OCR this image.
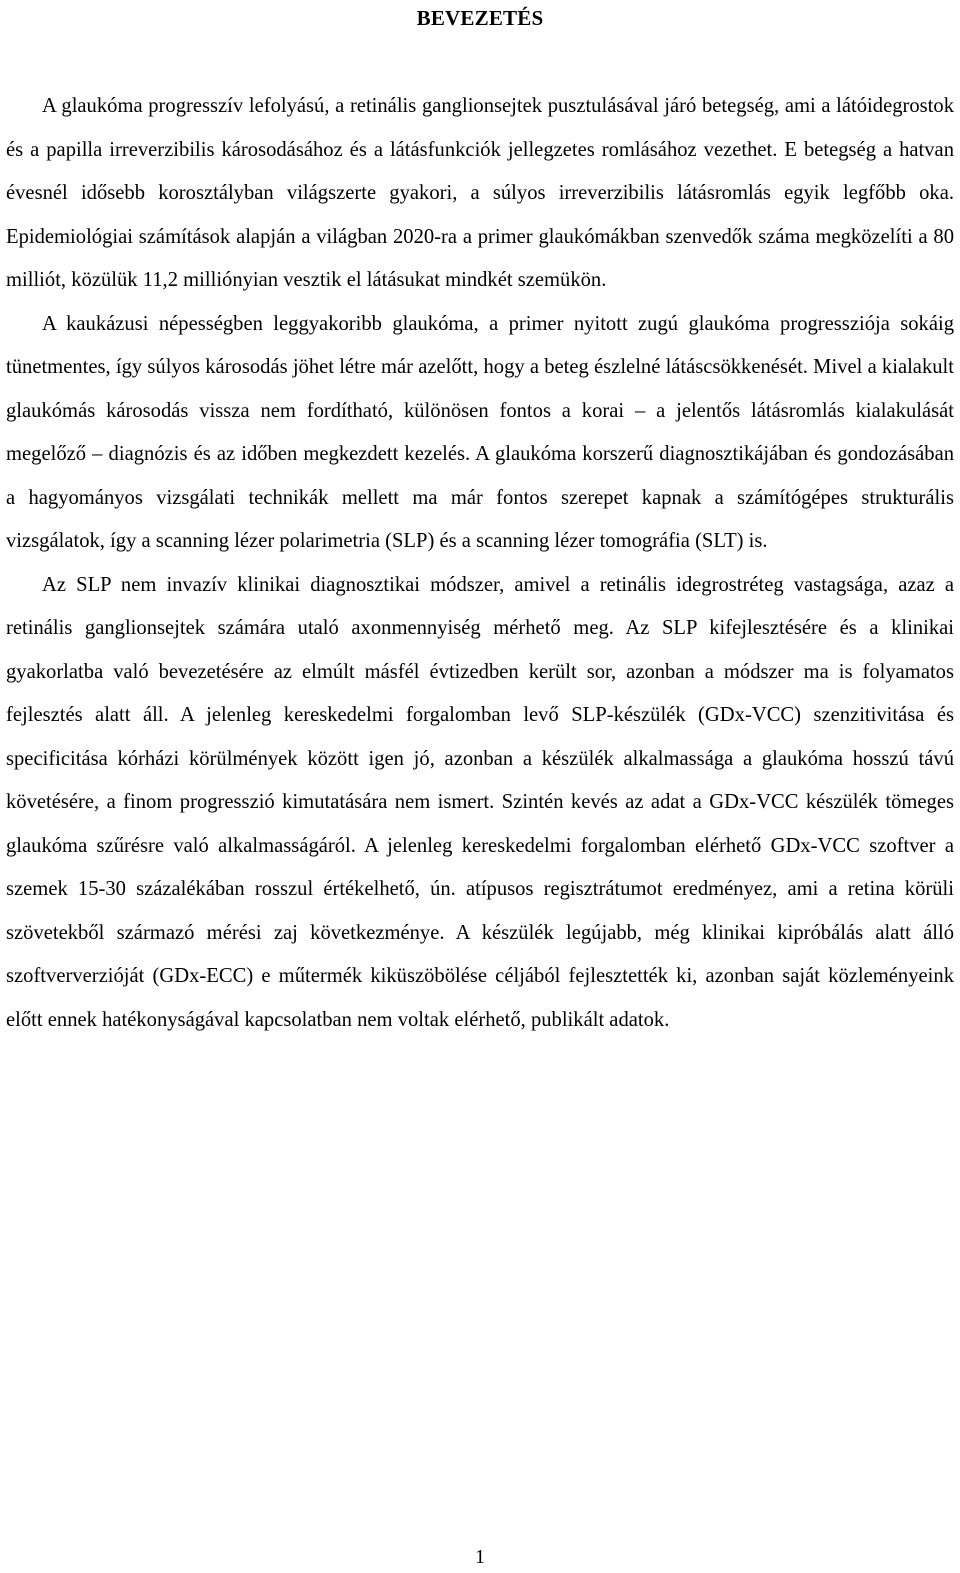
BEVEZETÉS

A glaukóma progresszív lefolyású, a retinális ganglionsejtek pusztulásával járó betegség, ami a látóidegrostok és a papilla irreverzibilis károsodásához és a látásfunkciók jellegzetes romlásához vezethet. E betegség a hatvan évesnél idősebb korosztályban világszerte gyakori, a súlyos irreverzibilis látásromlás egyik legfőbb oka. Epidemiológiai számítások alapján a világban 2020-ra a primer glaukómákban szenvedők száma megközelíti a 80 milliót, közülük 11,2 milliónyian vesztik el látásukat mindkét szemükön.

A kaukázusi népességben leggyakoribb glaukóma, a primer nyitott zugú glaukóma progressziója sokáig tünetmentes, így súlyos károsodás jöhet létre már azelőtt, hogy a beteg észlelné látáscsökkenését. Mivel a kialakult glaukómás károsodás vissza nem fordítható, különösen fontos a korai – a jelentős látásromlás kialakulását megelőző – diagnózis és az időben megkezdett kezelés. A glaukóma korszerű diagnosztikájában és gondozásában a hagyományos vizsgálati technikák mellett ma már fontos szerepet kapnak a számítógépes strukturális vizsgálatok, így a scanning lézer polarimetria (SLP) és a scanning lézer tomográfia (SLT) is.

Az SLP nem invazív klinikai diagnosztikai módszer, amivel a retinális idegrostréteg vastagsága, azaz a retinális ganglionsejtek számára utaló axonmennyiség mérhető meg. Az SLP kifejlesztésére és a klinikai gyakorlatba való bevezetésére az elmúlt másfél évtizedben került sor, azonban a módszer ma is folyamatos fejlesztés alatt áll. A jelenleg kereskedelmi forgalomban levő SLP-készülék (GDx-VCC) szenzitivitása és specificitása kórházi körülmények között igen jó, azonban a készülék alkalmassága a glaukóma hosszú távú követésére, a finom progresszió kimutatására nem ismert. Szintén kevés az adat a GDx-VCC készülék tömeges glaukóma szűrésre való alkalmasságáról. A jelenleg kereskedelmi forgalomban elérhető GDx-VCC szoftver a szemek 15-30 százalékában rosszul értékelhető, ún. atípusos regisztrátumot eredményez, ami a retina körüli szövetekből származó mérési zaj következménye. A készülék legújabb, még klinikai kipróbálás alatt álló szoftververzióját (GDx-ECC) e műtermék kiküszöbölése céljából fejlesztették ki, azonban saját közleményeink előtt ennek hatékonyságával kapcsolatban nem voltak elérhető, publikált adatok.

1
